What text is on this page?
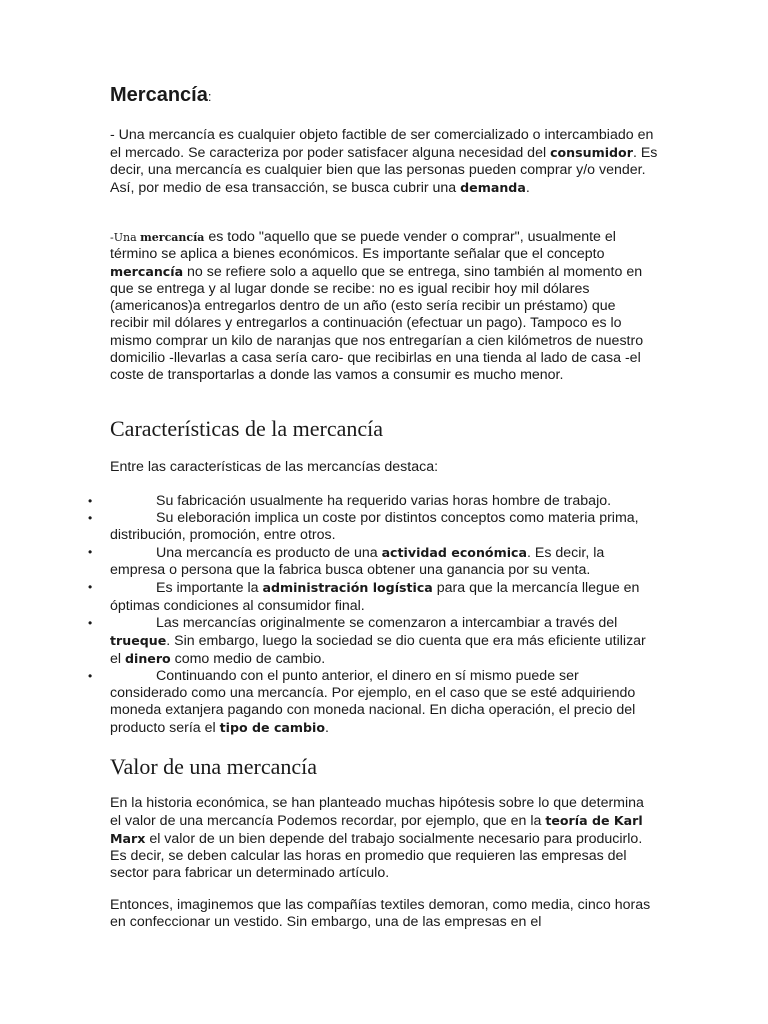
Mercancía:

- Una mercancía es cualquier objeto factible de ser comercializado o intercambiado en el mercado. Se caracteriza por poder satisfacer alguna necesidad del consumidor. Es decir, una mercancía es cualquier bien que las personas pueden comprar y/o vender. Así, por medio de esa transacción, se busca cubrir una demanda.

-Una mercancía es todo "aquello que se puede vender o comprar", usualmente el término se aplica a bienes económicos. Es importante señalar que el concepto mercancía no se refiere solo a aquello que se entrega, sino también al momento en que se entrega y al lugar donde se recibe: no es igual recibir hoy mil dólares (americanos)a entregarlos dentro de un año (esto sería recibir un préstamo) que recibir mil dólares y entregarlos a continuación (efectuar un pago). Tampoco es lo mismo comprar un kilo de naranjas que nos entregarían a cien kilómetros de nuestro domicilio -llevarlas a casa sería caro- que recibirlas en una tienda al lado de casa -el coste de transportarlas a donde las vamos a consumir es mucho menor.

Características de la mercancía

Entre las características de las mercancías destaca:

•	Su fabricación usualmente ha requerido varias horas hombre de trabajo.
•	Su eleboración implica un coste por distintos conceptos como materia prima, distribución, promoción, entre otros.
•	Una mercancía es producto de una actividad económica. Es decir, la empresa o persona que la fabrica busca obtener una ganancia por su venta.
•	Es importante la administración logística para que la mercancía llegue en óptimas condiciones al consumidor final.
•	Las mercancías originalmente se comenzaron a intercambiar a través del trueque. Sin embargo, luego la sociedad se dio cuenta que era más eficiente utilizar el dinero como medio de cambio.
•	Continuando con el punto anterior, el dinero en sí mismo puede ser considerado como una mercancía. Por ejemplo, en el caso que se esté adquiriendo moneda extanjera pagando con moneda nacional. En dicha operación, el precio del producto sería el tipo de cambio.
Valor de una mercancía

En la historia económica, se han planteado muchas hipótesis sobre lo que determina el valor de una mercancía Podemos recordar, por ejemplo, que en la teoría de Karl Marx el valor de un bien depende del trabajo socialmente necesario para producirlo. Es decir, se deben calcular las horas en promedio que requieren las empresas del sector para fabricar un determinado artículo.

Entonces, imaginemos que las compañías textiles demoran, como media, cinco horas en confeccionar un vestido. Sin embargo, una de las empresas en el
